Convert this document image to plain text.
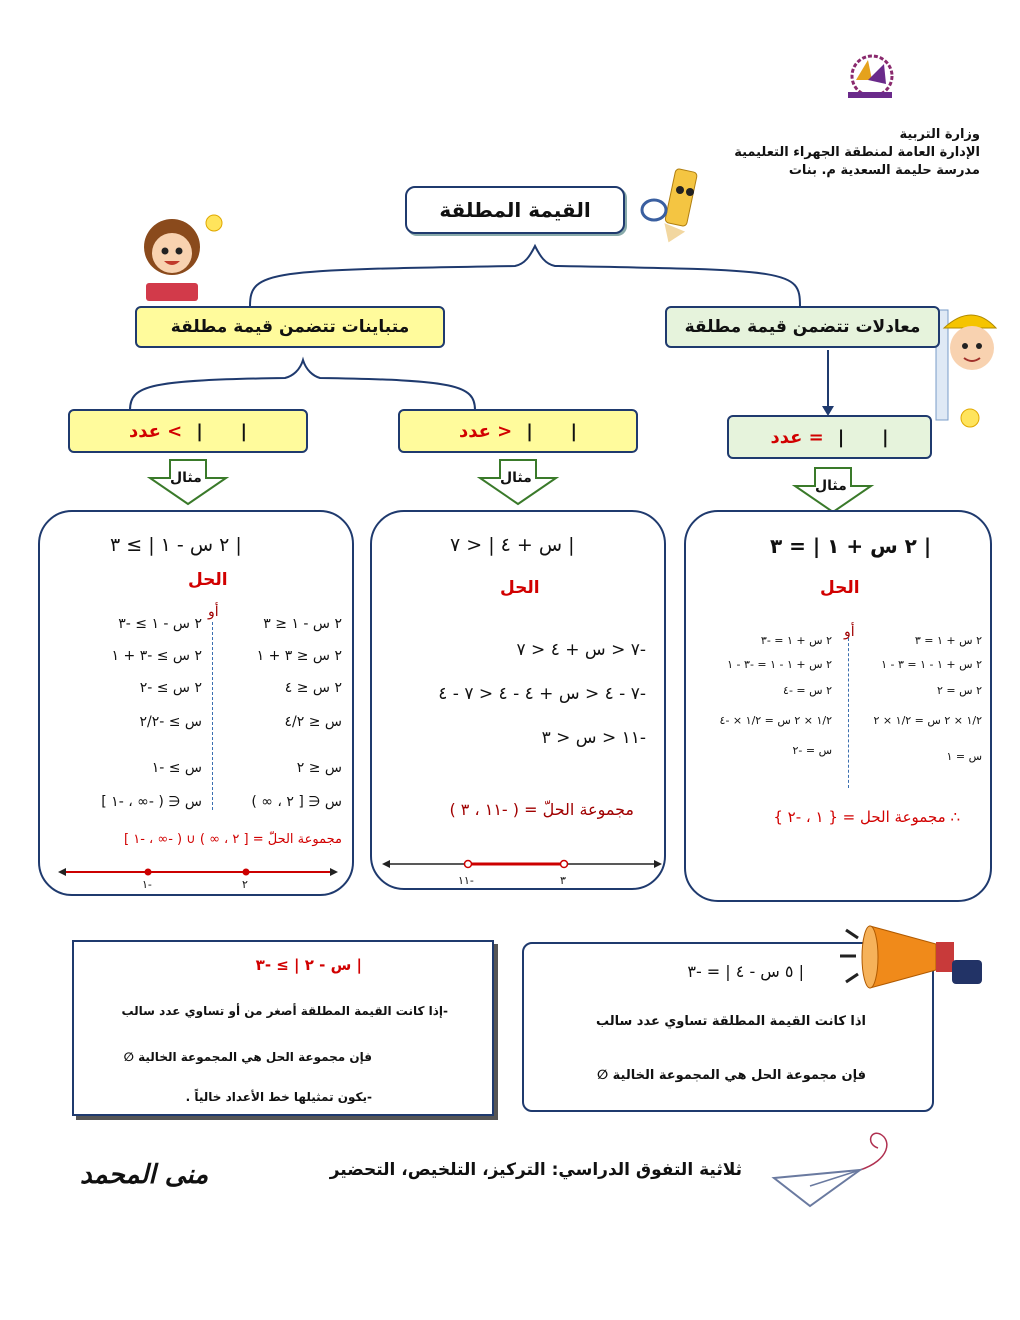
وزارة التربية
الإدارة العامة لمنطقة الجهراء التعليمية
مدرسة حليمة السعدية م. بنات
القيمة المطلقة
متباينات تتضمن قيمة مطلقة	معادلات تتضمن قيمة مطلقة
> عدد |      |	< عدد |      |	= عدد |      |
مثال	مثال	مثال
| ٢ س - ١ | ≥ ٣
الحل
أو
٢ س - ١ ≤ ٣
٢ س ≤ ٣ + ١
٢ س ≤ ٤
س ≤ ٤/٢
س ≤ ٢
س ∈ [ ٢ ، ∞ )
٢ س - ١ ≥ -٣
٢ س ≥ -٣ + ١
٢ س ≥ -٢
س ≥ -٢/٢
س ≥ -١
س ∈ ( -∞ ، -١ ]
مجموعة الحلّ = [ ٢ ، ∞ ) ∪ ( -∞ ، -١ ]
-١	٢
| س + ٤ | < ٧
الحل
-٧ < س + ٤ < ٧
-٧ - ٤ < س + ٤ - ٤ < ٧ - ٤
-١١ < س < ٣
مجموعة الحلّ = ( -١١ ، ٣ )
-١١	٣
| ٢ س + ١ | = ٣
الحل
أو
٢ س + ١ = ٣
٢ س + ١ - ١ = ٣ - ١
٢ س = ٢
١/٢ × ٢ س = ١/٢ × ٢
س = ١
٢ س + ١ = -٣
٢ س + ١ - ١ = -٣ - ١
٢ س = -٤
١/٢ × ٢ س = ١/٢ × -٤
س = -٢
∴ مجموعة الحل = { ١ ، -٢ }
| س - ٢ | ≥ -٣
-إذا كانت القيمة المطلقة أصغر من أو تساوي عدد سالب
فإن مجموعة الحل هي المجموعة الخالية ∅
-يكون تمثيلها خط الأعداد خالياً .
| ٥ س - ٤ | = -٣
اذا كانت القيمة المطلقة تساوي عدد سالب
فإن مجموعة الحل هي المجموعة الخالية ∅
ثلاثية التفوق الدراسي: التركيز، التلخيص، التحضير
منى المحمد
